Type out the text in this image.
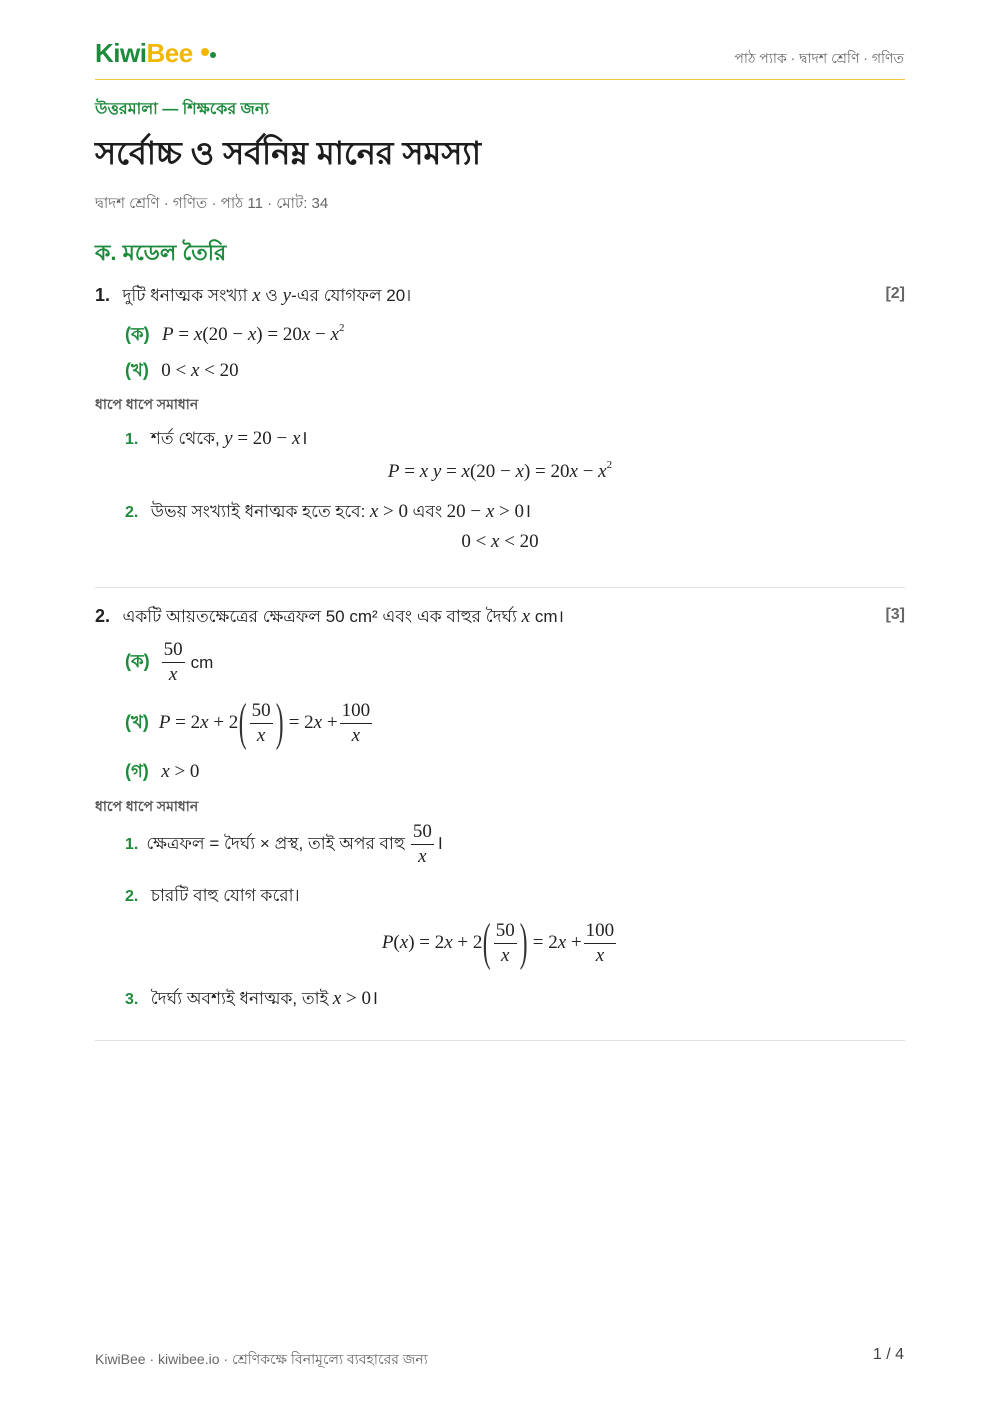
KiwiBee	পাঠ প্যাক · দ্বাদশ শ্রেণি · গণিত
উত্তরমালা — শিক্ষকের জন্য
সর্বোচ্চ ও সর্বনিম্ন মানের সমস্যা
দ্বাদশ শ্রেণি · গণিত · পাঠ 11 · মোট: 34
ক. মডেল তৈরি
1. দুটি ধনাত্মক সংখ্যা x ও y-এর যোগফল 20।	[2]
(ক) $P = x(20 - x) = 20x - x^2$
(খ) 0 < x < 20
ধাপে ধাপে সমাধান
1. শর্ত থেকে, y = 20 − x।
P = x $y = x(20 - x) = 20x - x^2$
2. উভয় সংখ্যাই ধনাত্মক হতে হবে: x > 0 এবং 20 − x > 0।
0 < x < 20
2. একটি আয়তক্ষেত্রের ক্ষেত্রফল 50 cm² এবং এক বাহুর দৈর্ঘ্য x cm।	[3]
(ক) $\frac{50}{x}$ cm
(খ) P = 2 x + 2 ( $\frac{50}{x}$ ) = 2 $x + \frac{100}{x}$
(গ) x > 0
ধাপে ধাপে সমাধান
1. ক্ষেত্রফল = দৈর্ঘ্য × প্রস্থ, তাই অপর বাহু $\frac{50}{x}$ ।
2. চারটি বাহু যোগ করো।
P ( x ) = 2 x + 2 ( $\frac{50}{x}$ ) = 2 $x + \frac{100}{x}$
3. দৈর্ঘ্য অবশ্যই ধনাত্মক, তাই x > 0।
KiwiBee · kiwibee.io · শ্রেণিকক্ষে বিনামূল্যে ব্যবহারের জন্য	1 / 4
